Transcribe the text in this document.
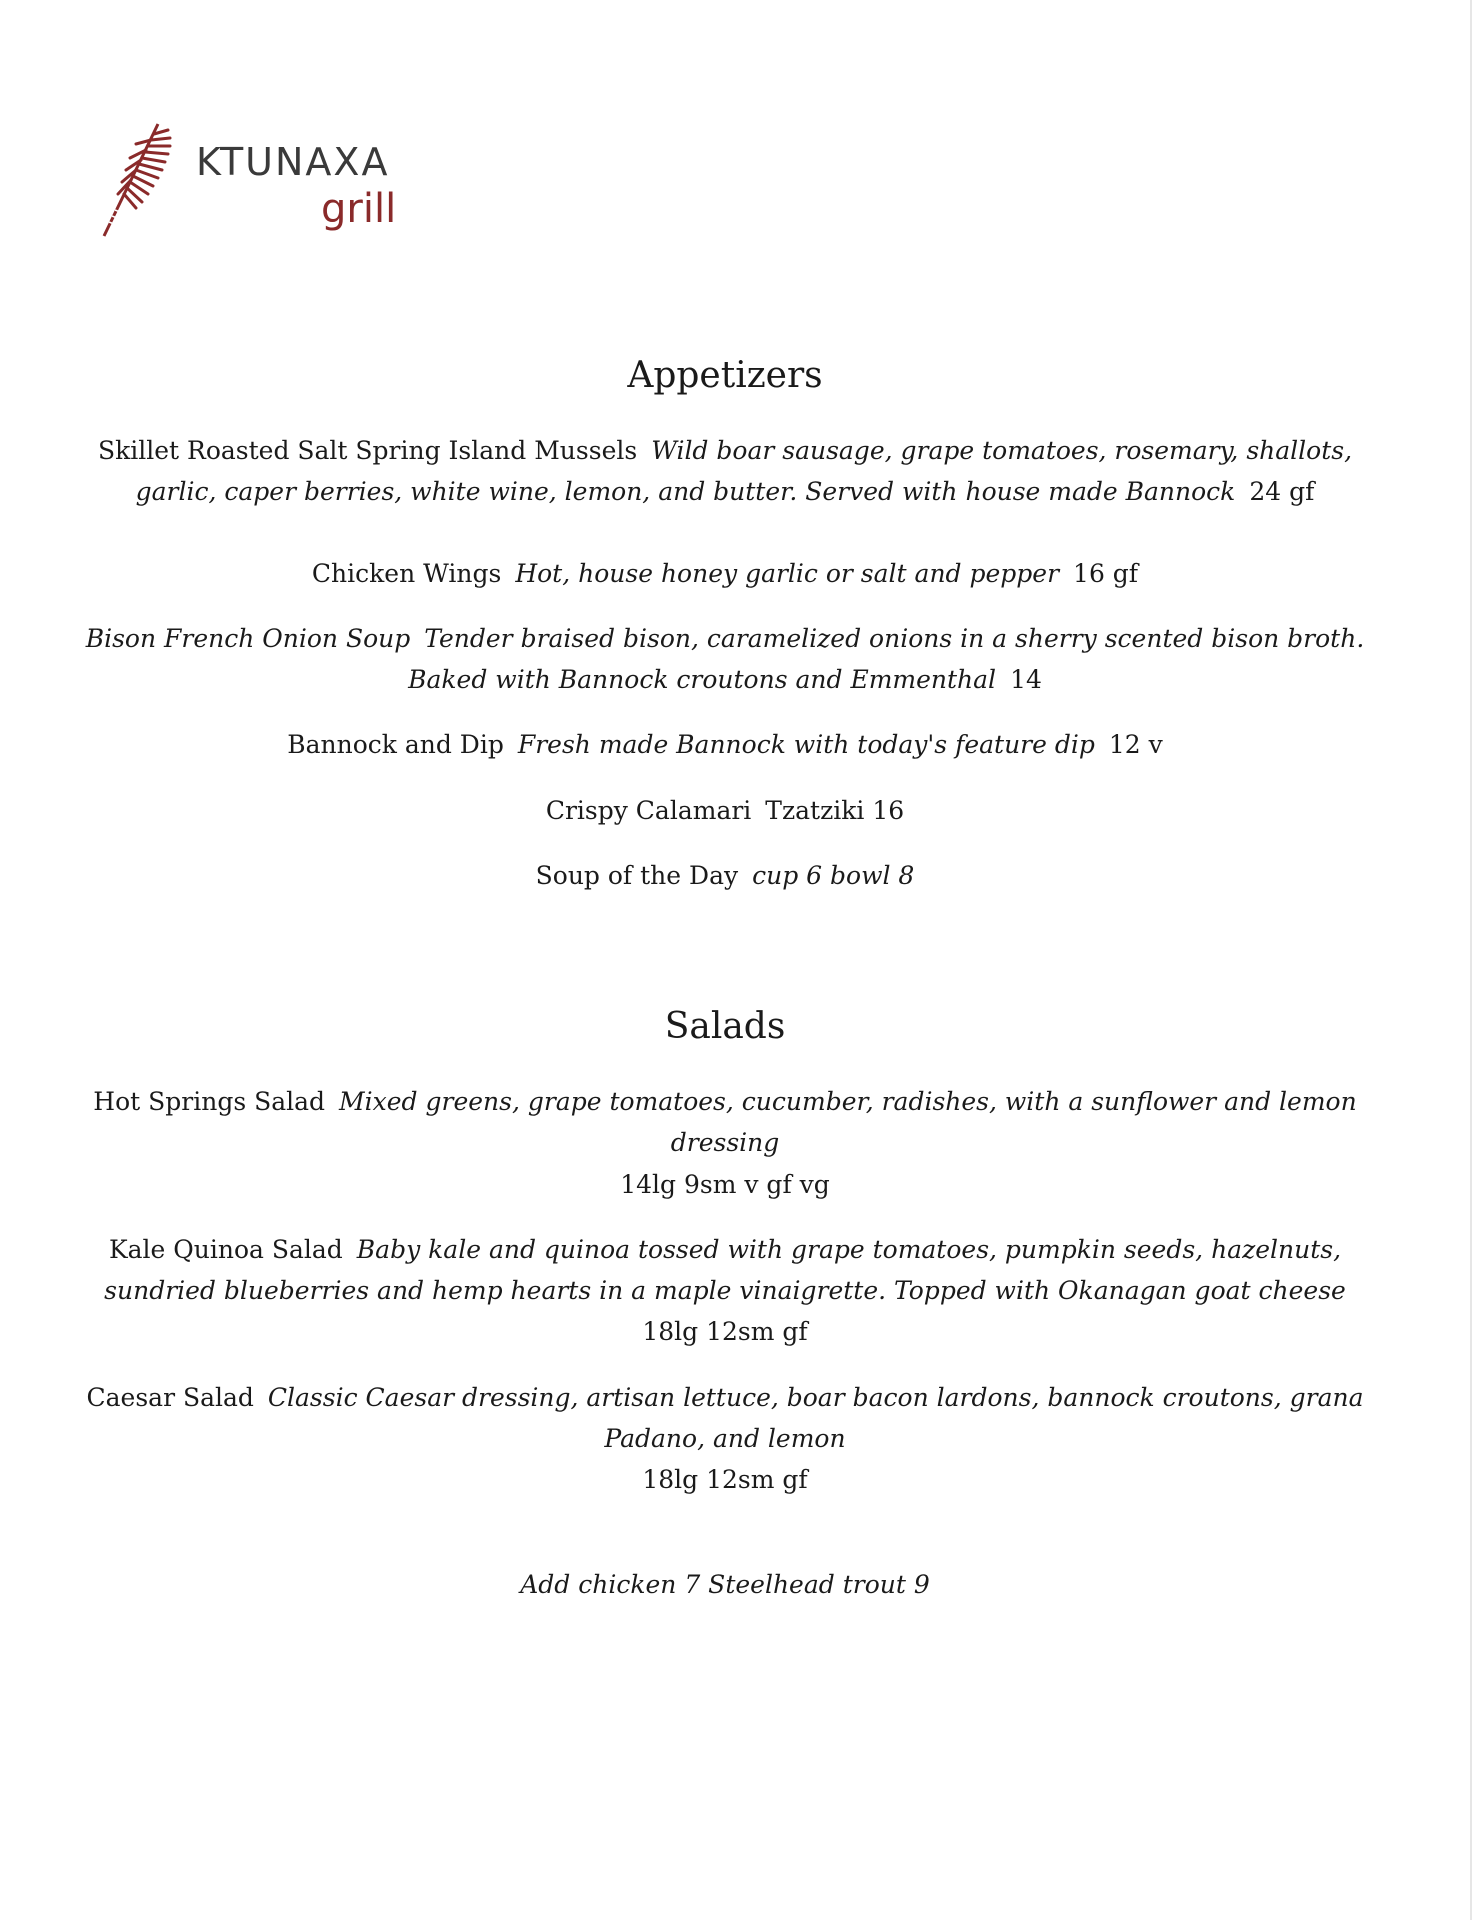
KTUNAXA
grill
Appetizers

Skillet Roasted Salt Spring Island Mussels Wild boar sausage, grape tomatoes, rosemary, shallots, garlic, caper berries, white wine, lemon, and butter. Served with house made Bannock 24 gf

Chicken Wings Hot, house honey garlic or salt and pepper 16 gf

Bison French Onion Soup Tender braised bison, caramelized onions in a sherry scented bison broth. Baked with Bannock croutons and Emmenthal 14

Bannock and Dip Fresh made Bannock with today's feature dip 12 v

Crispy Calamari Tzatziki 16

Soup of the Day cup 6 bowl 8

Salads

Hot Springs Salad Mixed greens, grape tomatoes, cucumber, radishes, with a sunflower and lemon dressing
14lg 9sm v gf vg

Kale Quinoa Salad Baby kale and quinoa tossed with grape tomatoes, pumpkin seeds, hazelnuts, sundried blueberries and hemp hearts in a maple vinaigrette. Topped with Okanagan goat cheese
18lg 12sm gf

Caesar Salad Classic Caesar dressing, artisan lettuce, boar bacon lardons, bannock croutons, grana Padano, and lemon
18lg 12sm gf

Add chicken 7 Steelhead trout 9
